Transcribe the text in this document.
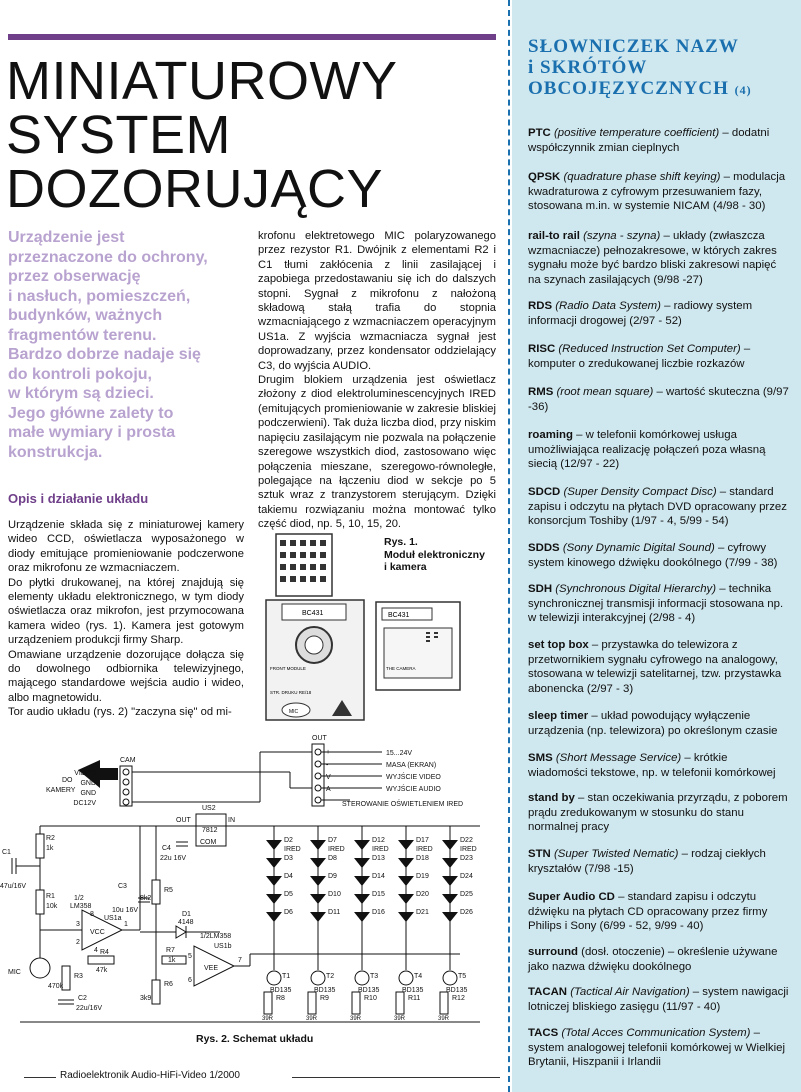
MINIATUROWY
SYSTEM
DOZORUJĄCY
Urządzenie jest
przeznaczone do ochrony,
przez obserwację
i nasłuch, pomieszczeń,
budynków, ważnych
fragmentów terenu.
Bardzo dobrze nadaje się
do kontroli pokoju,
w którym są dzieci.
Jego główne zalety to
małe wymiary i prosta
konstrukcja.
Opis i działanie układu

Urządzenie składa się z miniaturowej kamery wideo CCD, oświetlacza wyposażonego w diody emitujące promieniowanie podczerwone oraz mikrofonu ze wzmacniaczem.

Do płytki drukowanej, na której znajdują się elementy układu elektronicznego, w tym diody oświetlacza oraz mikrofon, jest przymocowana kamera wideo (rys. 1). Kamera jest gotowym urządzeniem produkcji firmy Sharp.

Omawiane urządzenie dozorujące dołącza się do dowolnego odbiornika telewizyjnego, mającego standardowe wejścia audio i wideo, albo magnetowidu.

Tor audio układu (rys. 2) "zaczyna się" od mi-

krofonu elektretowego MIC polaryzowanego przez rezystor R1. Dwójnik z elementami R2 i C1 tłumi zakłócenia z linii zasilającej i zapobiega przedostawaniu się ich do dalszych stopni. Sygnał z mikrofonu z nałożoną składową stałą trafia do stopnia wzmacniającego z wzmacniaczem operacyjnym US1a. Z wyjścia wzmacniacza sygnał jest doprowadzany, przez kondensator oddzielający C3, do wyjścia AUDIO.

Drugim blokiem urządzenia jest oświetlacz złożony z diod elektroluminescencyjnych IRED (emitujących promieniowanie w zakresie bliskiej podczerwieni). Tak duża liczba diod, przy niskim napięciu zasilającym nie pozwala na połączenie szeregowe wszystkich diod, zastosowano więc połączenia mieszane, szeregowo-równoległe, polegające na łączeniu diod w sekcje po 5 sztuk wraz z tranzystorem sterującym. Dzięki takiemu rozwiązaniu można montować tylko część diod, np. 5, 10, 15, 20.

BC431
FRONT MODULE
STR. DRUKU RE/18
MIC
BC431
THE CAMERA
Rys. 1.
Moduł elektroniczny
i kamera
CAM
VIDEO
GND
GND
DC12V
DO
KAMERY
OUT
+
-
V
A
15...24V
MASA (EKRAN)
WYJŚCIE VIDEO
WYJŚCIE AUDIO
STEROWANIE OŚWIETLENIEM IRED
US2
7812
IN
OUT
COM
C1
47u/16V
R2
1k
R1
10k
C4
22u 16V
C3
10u 16V
1/2
LM358
US1a
VCC
R4
47k
MIC
R3
470k
C2
22u/16V
R5
8k2
D1
4148
R7
1k
R6
3k9
1/2LM358
US1b
VEE
8
3
2
4
1
5
6
7
D2
D3
D4
D5
D6
D7
D8
D9
D10
D11
D12
D13
D14
D15
D16
D17
D18
D19
D20
D21
D22
D23
D24
D25
D26
IRED	IRED	IRED	IRED	IRED
T1	T2	T3	T4	T5
BD135	BD135	BD135	BD135	BD135
R8	R9	R10	R11	R12
39R	39R	39R	39R	39R
Rys. 2. Schemat układu
Radioelektronik Audio-HiFi-Video 1/2000
SŁOWNICZEK NAZW
i SKRÓTÓW
OBCOJĘZYCZNYCH (4)
PTC (positive temperature coefficient) – dodatni współczynnik zmian cieplnych
QPSK (quadrature phase shift keying) – modulacja kwadraturowa z cyfrowym przesuwaniem fazy, stosowana m.in. w systemie NICAM (4/98 - 30)
rail-to rail (szyna - szyna) – układy (zwłaszcza wzmacniacze) pełnozakresowe, w których zakres sygnału może być bardzo bliski zakresowi napięć na szynach zasilających (9/98 -27)
RDS (Radio Data System) – radiowy system informacji drogowej (2/97 - 52)
RISC (Reduced Instruction Set Computer) – komputer o zredukowanej liczbie rozkazów
RMS (root mean square) – wartość skuteczna (9/97 -36)
roaming – w telefonii komórkowej usługa umożliwiająca realizację połączeń poza własną siecią (12/97 - 22)
SDCD (Super Density Compact Disc) – standard zapisu i odczytu na płytach DVD opracowany przez konsorcjum Toshiby (1/97 - 4, 5/99 - 54)
SDDS (Sony Dynamic Digital Sound) – cyfrowy system kinowego dźwięku dookólnego (7/99 - 38)
SDH (Synchronous Digital Hierarchy) – technika synchronicznej transmisji informacji stosowana np. w telewizji interakcyjnej (2/98 - 4)
set top box – przystawka do telewizora z przetwornikiem sygnału cyfrowego na analogowy, stosowana w telewizji satelitarnej, tzw. przystawka abonencka (2/97 - 3)
sleep timer – układ powodujący wyłączenie urządzenia (np. telewizora) po określonym czasie
SMS (Short Message Service) – krótkie wiadomości tekstowe, np. w telefonii komórkowej
stand by – stan oczekiwania przyrządu, z poborem prądu zredukowanym w stosunku do stanu normalnej pracy
STN (Super Twisted Nematic) – rodzaj ciekłych kryształów (7/98 -15)
Super Audio CD – standard zapisu i odczytu dźwięku na płytach CD opracowany przez firmy Philips i Sony (6/99 - 52, 9/99 - 40)
surround (dosł. otoczenie) – określenie używane jako nazwa dźwięku dookólnego
TACAN (Tactical Air Navigation) – system nawigacji lotniczej bliskiego zasięgu (11/97 - 40)
TACS (Total Acces Communication System) – system analogowej telefonii komórkowej w Wielkiej Brytanii, Hiszpanii i Irlandii
